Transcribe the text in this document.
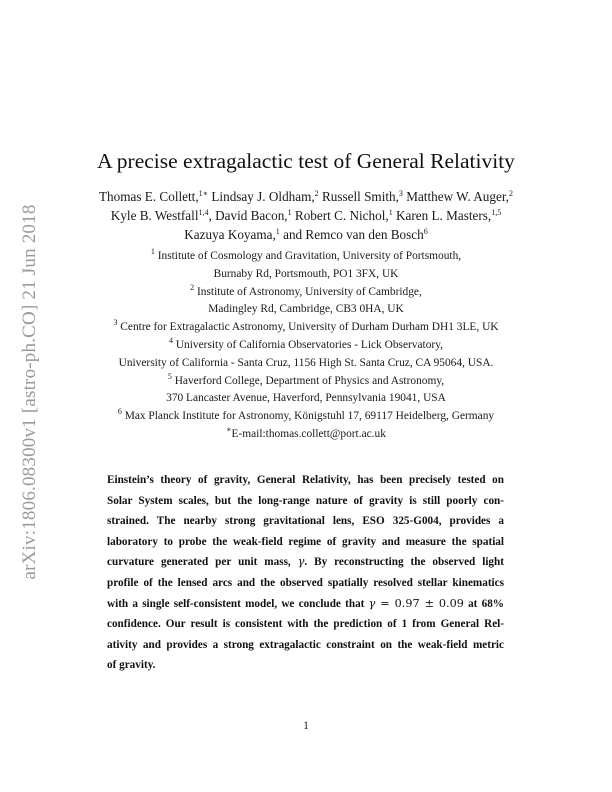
arXiv:1806.08300v1 [astro-ph.CO] 21 Jun 2018
A precise extragalactic test of General Relativity
Thomas E. Collett,$^{1∗}$ Lindsay J. Oldham,$^2$ Russell Smith,$^3$ Matthew W. Auger,$^2$
Kyle B. Westfall$^{1,4}$, David Bacon,$^1$ Robert C. Nichol,$^1$ Karen L. Masters,$^{1,5}$
Kazuya Koyama,$^1$ and Remco van den Bosch$^6$
$^1$ Institute of Cosmology and Gravitation, University of Portsmouth,
Burnaby Rd, Portsmouth, PO1 3FX, UK
$^2$ Institute of Astronomy, University of Cambridge,
Madingley Rd, Cambridge, CB3 0HA, UK
$^3$ Centre for Extragalactic Astronomy, University of Durham Durham DH1 3LE, UK
$^4$ University of California Observatories - Lick Observatory,
University of California - Santa Cruz, 1156 High St. Santa Cruz, CA 95064, USA.
$^5$ Haverford College, Department of Physics and Astronomy,
370 Lancaster Avenue, Haverford, Pennsylvania 19041, USA
$^6$ Max Planck Institute for Astronomy, Königstuhl 17, 69117 Heidelberg, Germany
∗E-mail:thomas.collett@port.ac.uk
Einstein’s theory of gravity, General Relativity, has been precisely tested on
Solar System scales, but the long-range nature of gravity is still poorly con-
strained. The nearby strong gravitational lens, ESO 325-G004, provides a
laboratory to probe the weak-field regime of gravity and measure the spatial
curvature generated per unit mass, γ. By reconstructing the observed light
profile of the lensed arcs and the observed spatially resolved stellar kinematics
with a single self-consistent model, we conclude that γ = 0.97 ± 0.09 at 68%
confidence. Our result is consistent with the prediction of 1 from General Rel-
ativity and provides a strong extragalactic constraint on the weak-field metric
of gravity.
1
